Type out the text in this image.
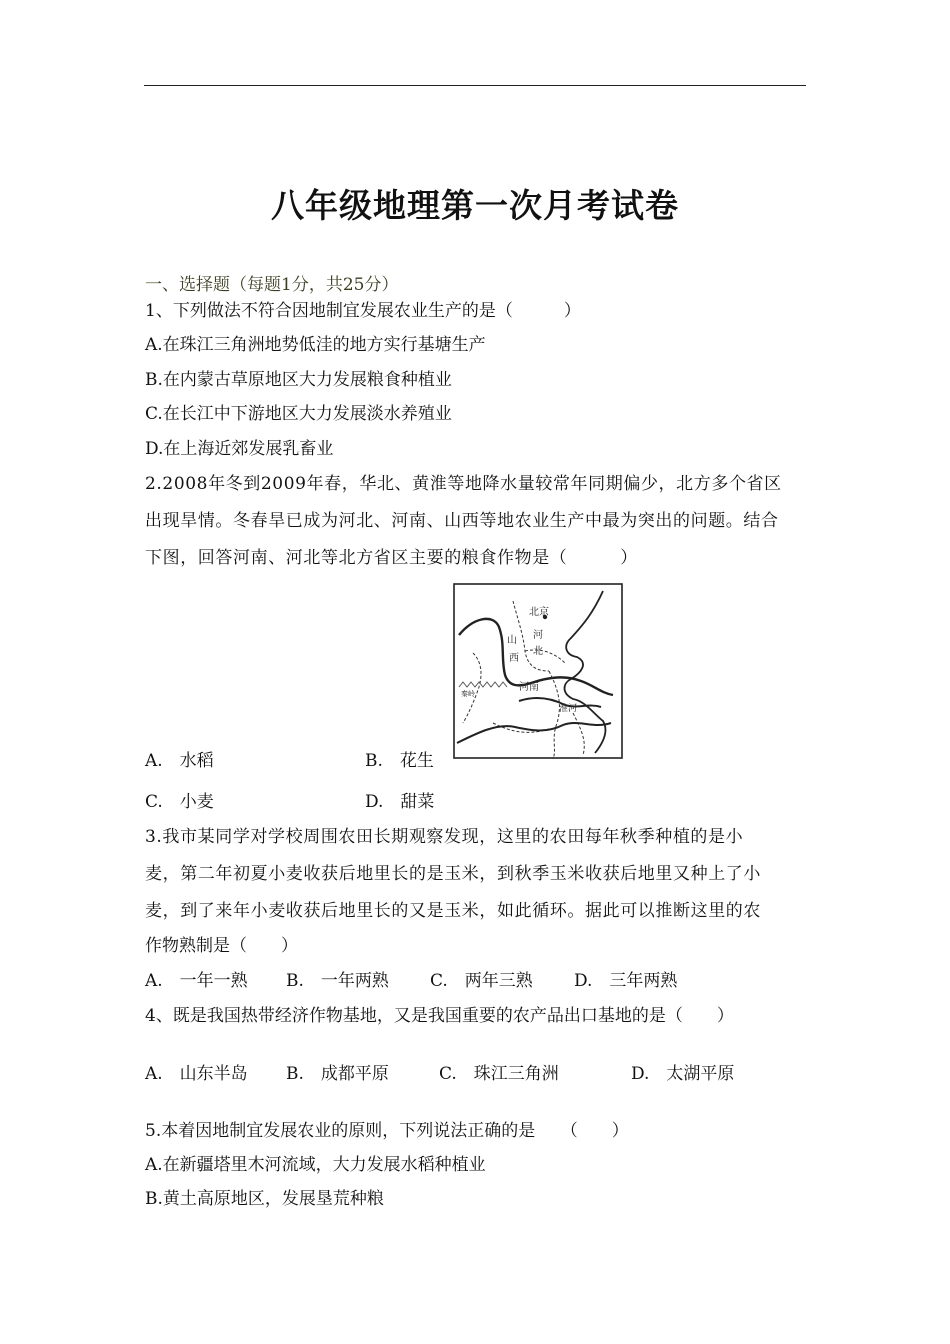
八年级地理第一次月考试卷
一、选择题（每题1分，共25分）
1、下列做法不符合因地制宜发展农业生产的是（　　　）
A.在珠江三角洲地势低洼的地方实行基塘生产
B.在内蒙古草原地区大力发展粮食种植业
C.在长江中下游地区大力发展淡水养殖业
D.在上海近郊发展乳畜业
2.2008年冬到2009年春，华北、黄淮等地降水量较常年同期偏少，北方多个省区
出现旱情。冬春旱已成为河北、河南、山西等地农业生产中最为突出的问题。结合
下图，回答河南、河北等北方省区主要的粮食作物是（　　　）
北京
山
西
河
北
河南
秦岭
淮河
A.　水稻	B.　花生
C.　小麦	D.　甜菜
3.我市某同学对学校周围农田长期观察发现，这里的农田每年秋季种植的是小
麦，第二年初夏小麦收获后地里长的是玉米，到秋季玉米收获后地里又种上了小
麦，到了来年小麦收获后地里长的又是玉米，如此循环。据此可以推断这里的农
作物熟制是（　　）
A.　一年一熟 B.　一年两熟 C.　两年三熟 D.　三年两熟
4、既是我国热带经济作物基地，又是我国重要的农产品出口基地的是（　　）
A.　山东半岛 B.　成都平原	C.　珠江三角洲	D.　太湖平原
5.本着因地制宜发展农业的原则，下列说法正确的是　　（　　）
A.在新疆塔里木河流域，大力发展水稻种植业
B.黄土高原地区，发展垦荒种粮
